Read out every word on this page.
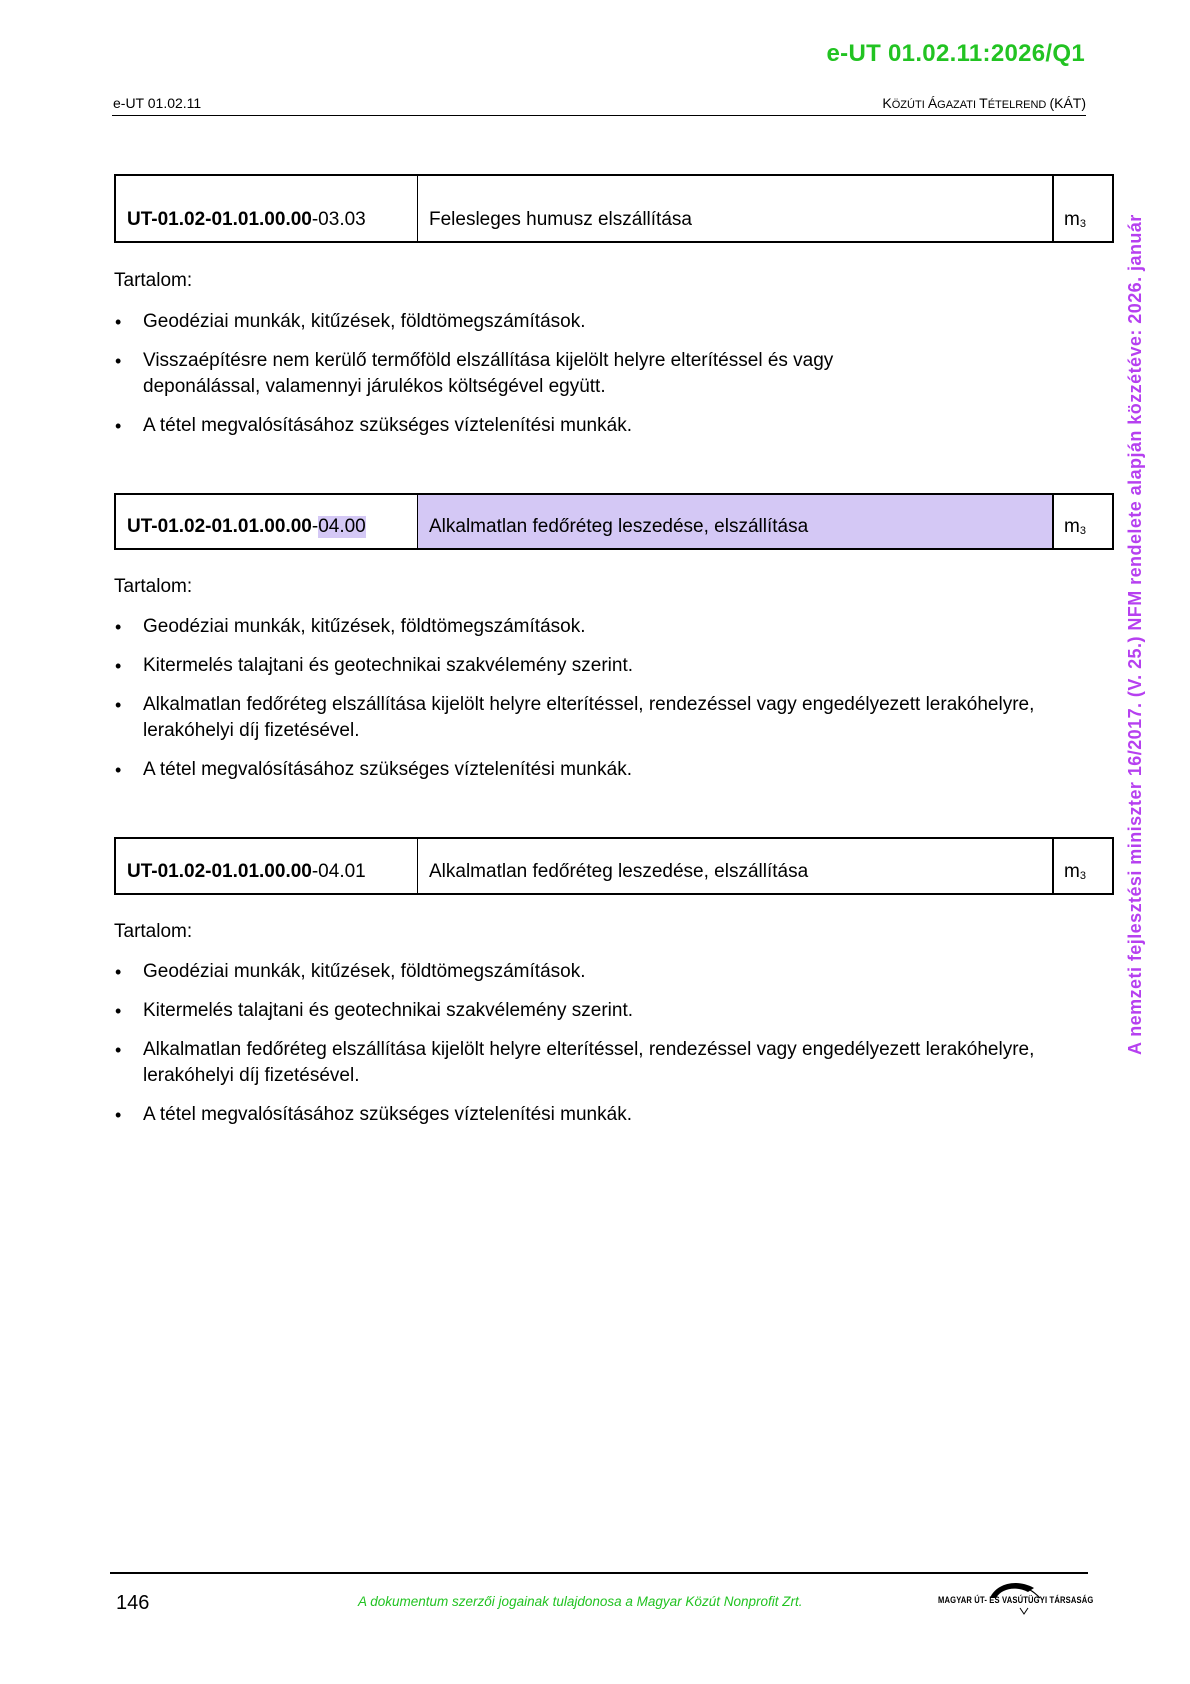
e-UT 01.02.11:2026/Q1
e-UT 01.02.11	KÖZÚTI ÁGAZATI TÉTELREND (KÁT)
UT-01.02-01.01.00.00 -03.03	Felesleges humusz elszállítása	$m^3$
Tartalom:
• Geodéziai munkák, kitűzések, földtömegszámítások.
• Visszaépítésre nem kerülő termőföld elszállítása kijelölt helyre elterítéssel és vagy deponálással, valamennyi járulékos költségével együtt.
• A tétel megvalósításához szükséges víztelenítési munkák.
UT-01.02-01.01.00.00 - 04.00	Alkalmatlan fedőréteg leszedése, elszállítása	$m^3$
Tartalom:
• Geodéziai munkák, kitűzések, földtömegszámítások.
• Kitermelés talajtani és geotechnikai szakvélemény szerint.
• Alkalmatlan fedőréteg elszállítása kijelölt helyre elterítéssel, rendezéssel vagy engedélyezett lerakóhelyre, lerakóhelyi díj fizetésével.
• A tétel megvalósításához szükséges víztelenítési munkák.
UT-01.02-01.01.00.00 -04.01	Alkalmatlan fedőréteg leszedése, elszállítása	$m^3$
Tartalom:
• Geodéziai munkák, kitűzések, földtömegszámítások.
• Kitermelés talajtani és geotechnikai szakvélemény szerint.
• Alkalmatlan fedőréteg elszállítása kijelölt helyre elterítéssel, rendezéssel vagy engedélyezett lerakóhelyre, lerakóhelyi díj fizetésével.
• A tétel megvalósításához szükséges víztelenítési munkák.
A nemzeti fejlesztési miniszter 16/2017. (V. 25.) NFM rendelete alapján közzétéve: 2026. január
146	A dokumentum szerzői jogainak tulajdonosa a Magyar Közút Nonprofit Zrt.	MAGYAR ÚT- ÉS VASÚTÜGYI TÁRSASÁG
